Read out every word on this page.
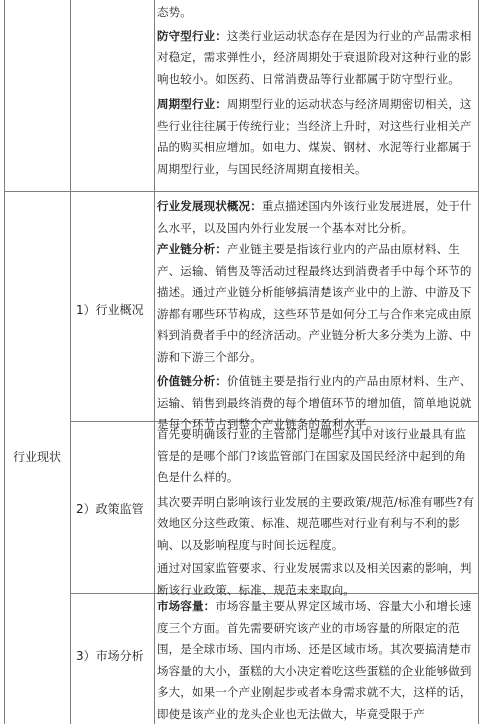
行业现状

态势。

防守型行业：这类行业运动状态存在是因为行业的产品需求相对稳定，需求弹性小，经济周期处于衰退阶段对这种行业的影响也较小。如医药、日常消费品等行业都属于防守型行业。

周期型行业：周期型行业的运动状态与经济周期密切相关，这些行业往往属于传统行业；当经济上升时，对这些行业相关产品的购买相应增加。如电力、煤炭、钢材、水泥等行业都属于周期型行业，与国民经济周期直接相关。

1）行业概况

行业发展现状概况：重点描述国内外该行业发展进展，处于什么水平，以及国内外行业发展一个基本对比分析。

产业链分析：产业链主要是指该行业内的产品由原材料、生产、运输、销售及等活动过程最终达到消费者手中每个环节的描述。通过产业链分析能够搞清楚该产业中的上游、中游及下游都有哪些环节构成，这些环节是如何分工与合作来完成由原料到消费者手中的经济活动。产业链分析大多分类为上游、中游和下游三个部分。

价值链分析：价值链主要是指行业内的产品由原材料、生产、运输、销售到最终消费的每个增值环节的增加值，简单地说就是每个环节占到整个产业链条的盈利水平。

2）政策监管

首先要明确该行业的主管部门是哪些?其中对该行业最具有监管是的是哪个部门?该监管部门在国家及国民经济中起到的角色是什么样的。

其次要弄明白影响该行业发展的主要政策/规范/标准有哪些?有效地区分这些政策、标准、规范哪些对行业有利与不利的影响、以及影响程度与时间长远程度。

通过对国家监管要求、行业发展需求以及相关因素的影响，判断该行业政策、标准、规范未来取向。

3）市场分析

市场容量：市场容量主要从界定区域市场、容量大小和增长速度三个方面。首先需要研究该产业的市场容量的所限定的范围，是全球市场、国内市场、还是区域市场。其次要搞清楚市场容量的大小，蛋糕的大小决定着吃这些蛋糕的企业能够做到多大，如果一个产业刚起步或者本身需求就不大，这样的话，即使是该产业的龙头企业也无法做大，毕竟受限于产
